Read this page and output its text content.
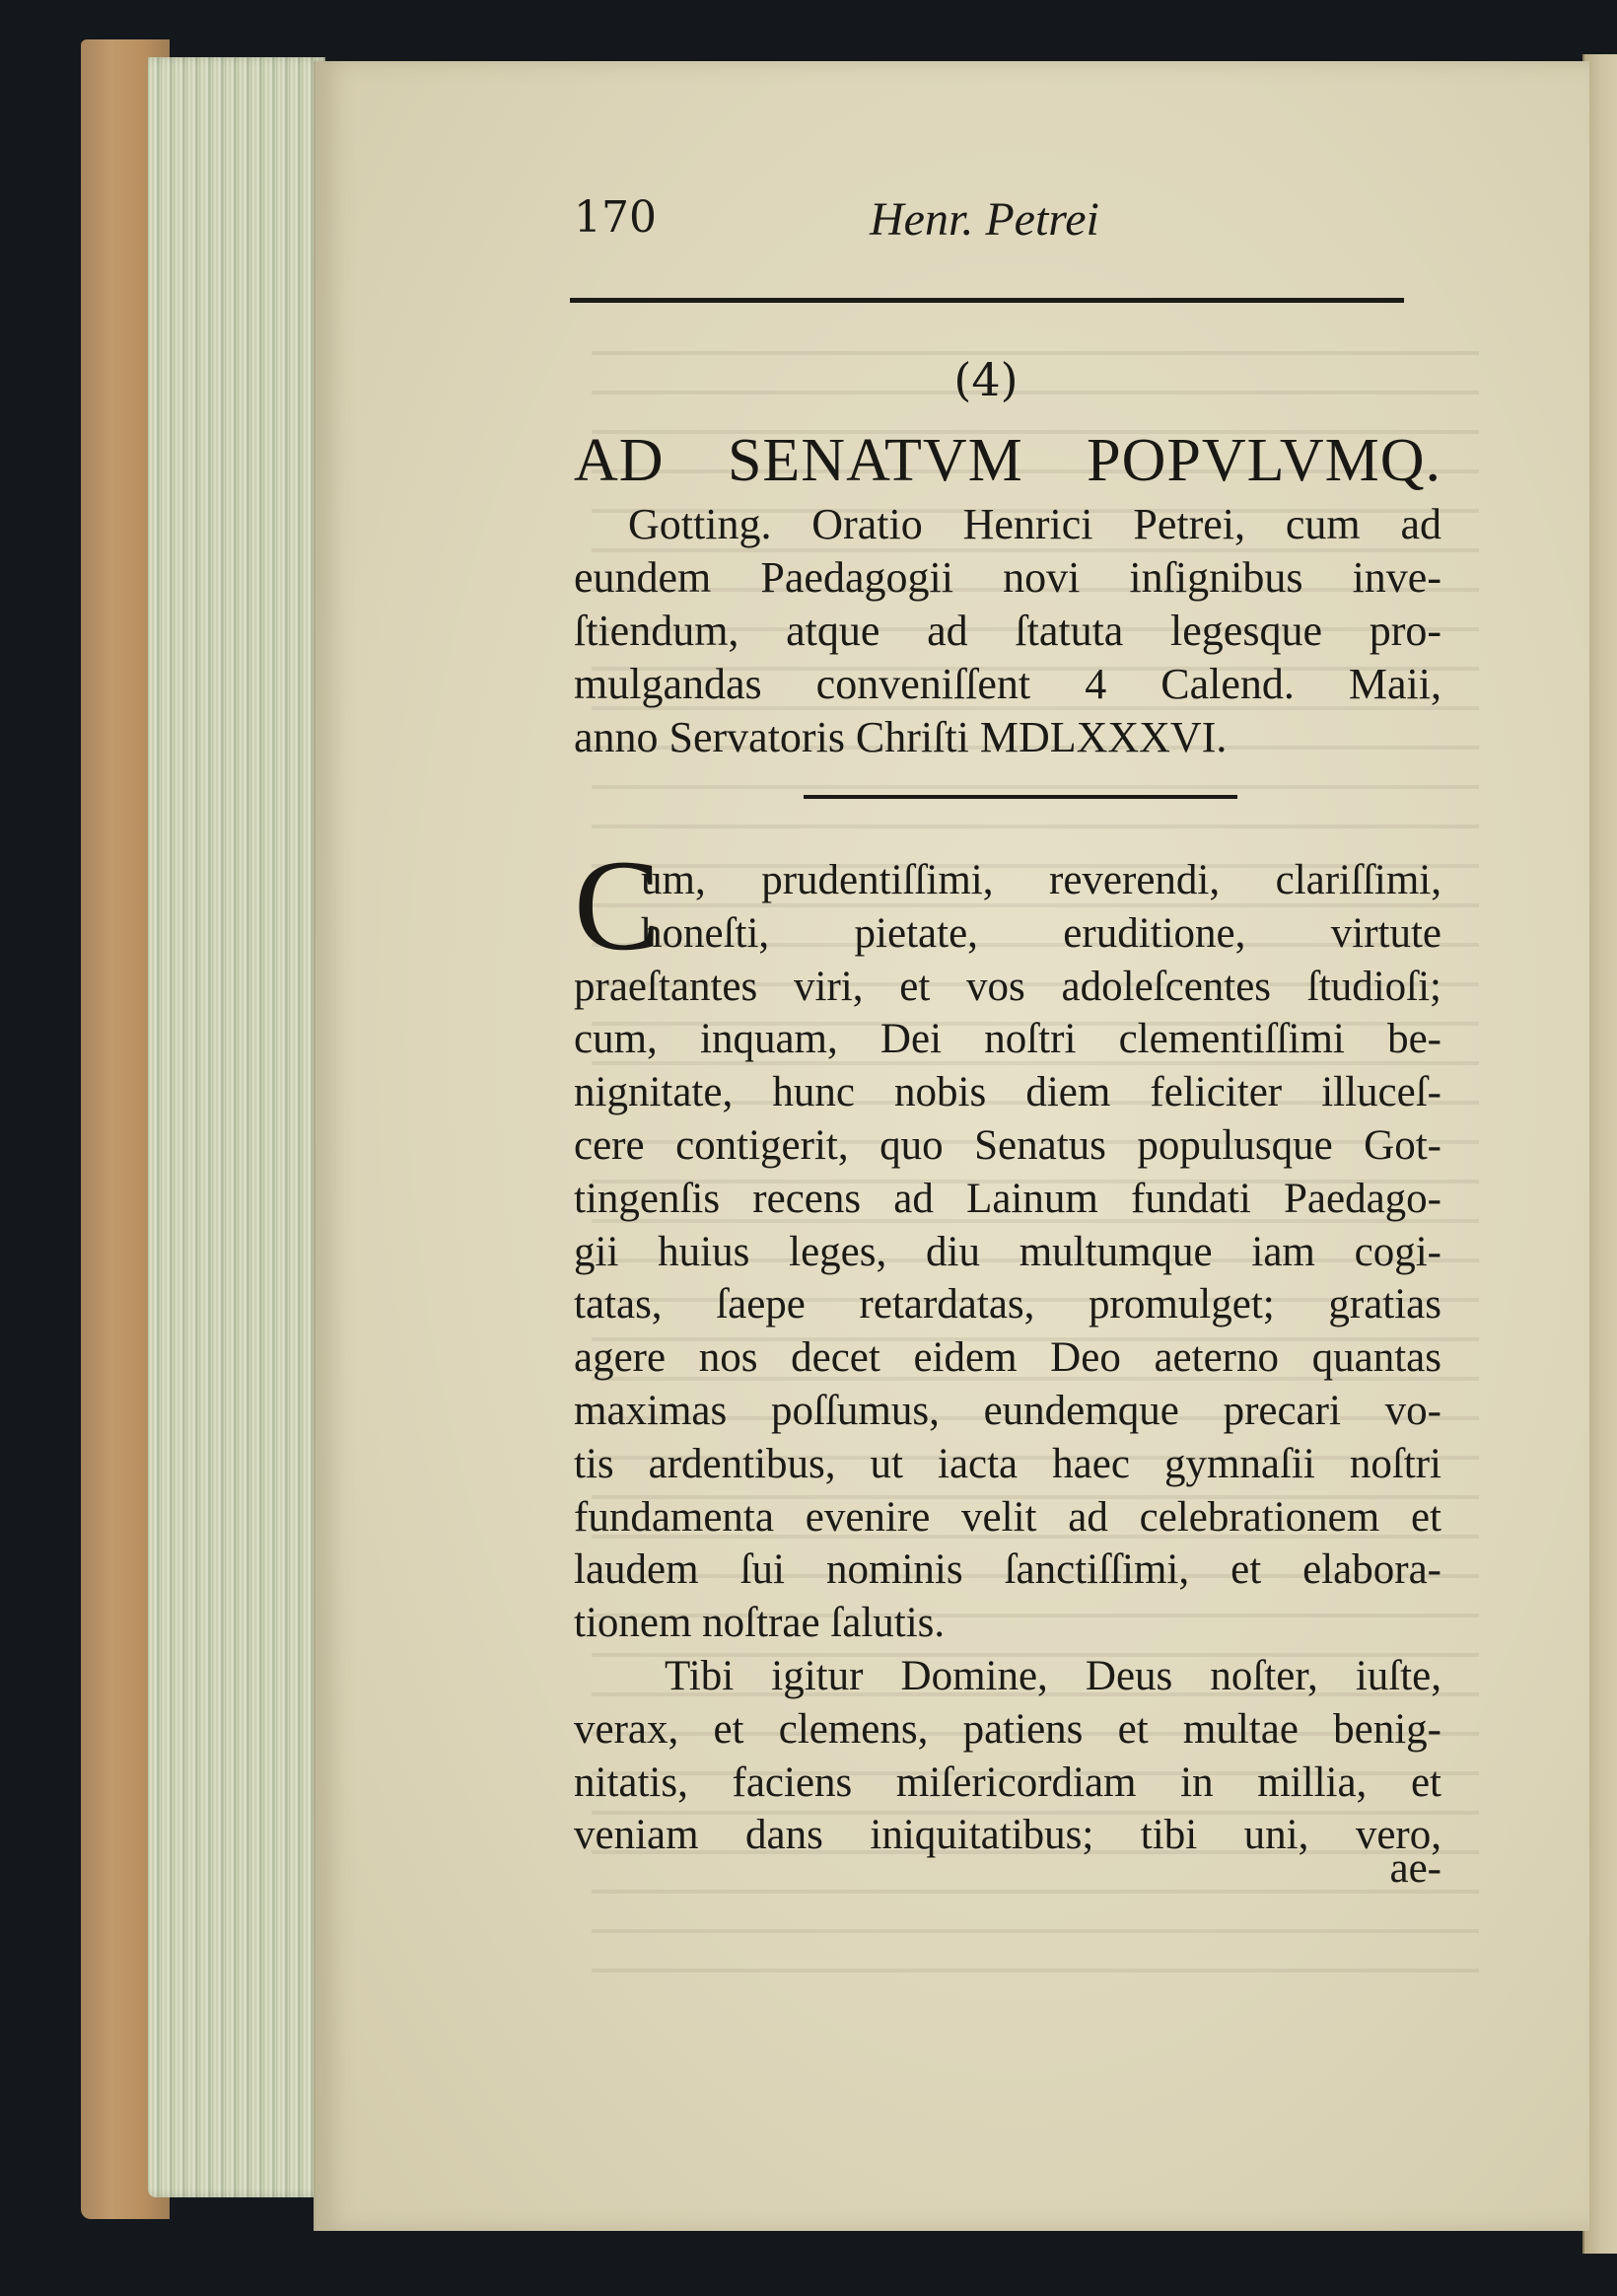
170	Henr. Petrei
(4)
AD SENATVM POPVLVMQ.
Gotting. Oratio Henrici Petrei, cum ad
eundem Paedagogii novi inſignibus inve-
ſtiendum, atque ad ſtatuta legesque pro-
mulgandas conveniſſent 4 Calend. Maii,
anno Servatoris Chriſti MDLXXXVI.
C
um, prudentiſſimi, reverendi, clariſſimi,
honeſti, pietate, eruditione, virtute
praeſtantes viri, et vos adoleſcentes ſtudioſi;
cum, inquam, Dei noſtri clementiſſimi be-
nignitate, hunc nobis diem feliciter illuceſ-
cere contigerit, quo Senatus populusque Got-
tingenſis recens ad Lainum fundati Paedago-
gii huius leges, diu multumque iam cogi-
tatas, ſaepe retardatas, promulget; gratias
agere nos decet eidem Deo aeterno quantas
maximas poſſumus, eundemque precari vo-
tis ardentibus, ut iacta haec gymnaſii noſtri
fundamenta evenire velit ad celebrationem et
laudem ſui nominis ſanctiſſimi, et elabora-
tionem noſtrae ſalutis.
Tibi igitur Domine, Deus noſter, iuſte,
verax, et clemens, patiens et multae benig-
nitatis, faciens miſericordiam in millia, et
veniam dans iniquitatibus; tibi uni, vero,
ae-
